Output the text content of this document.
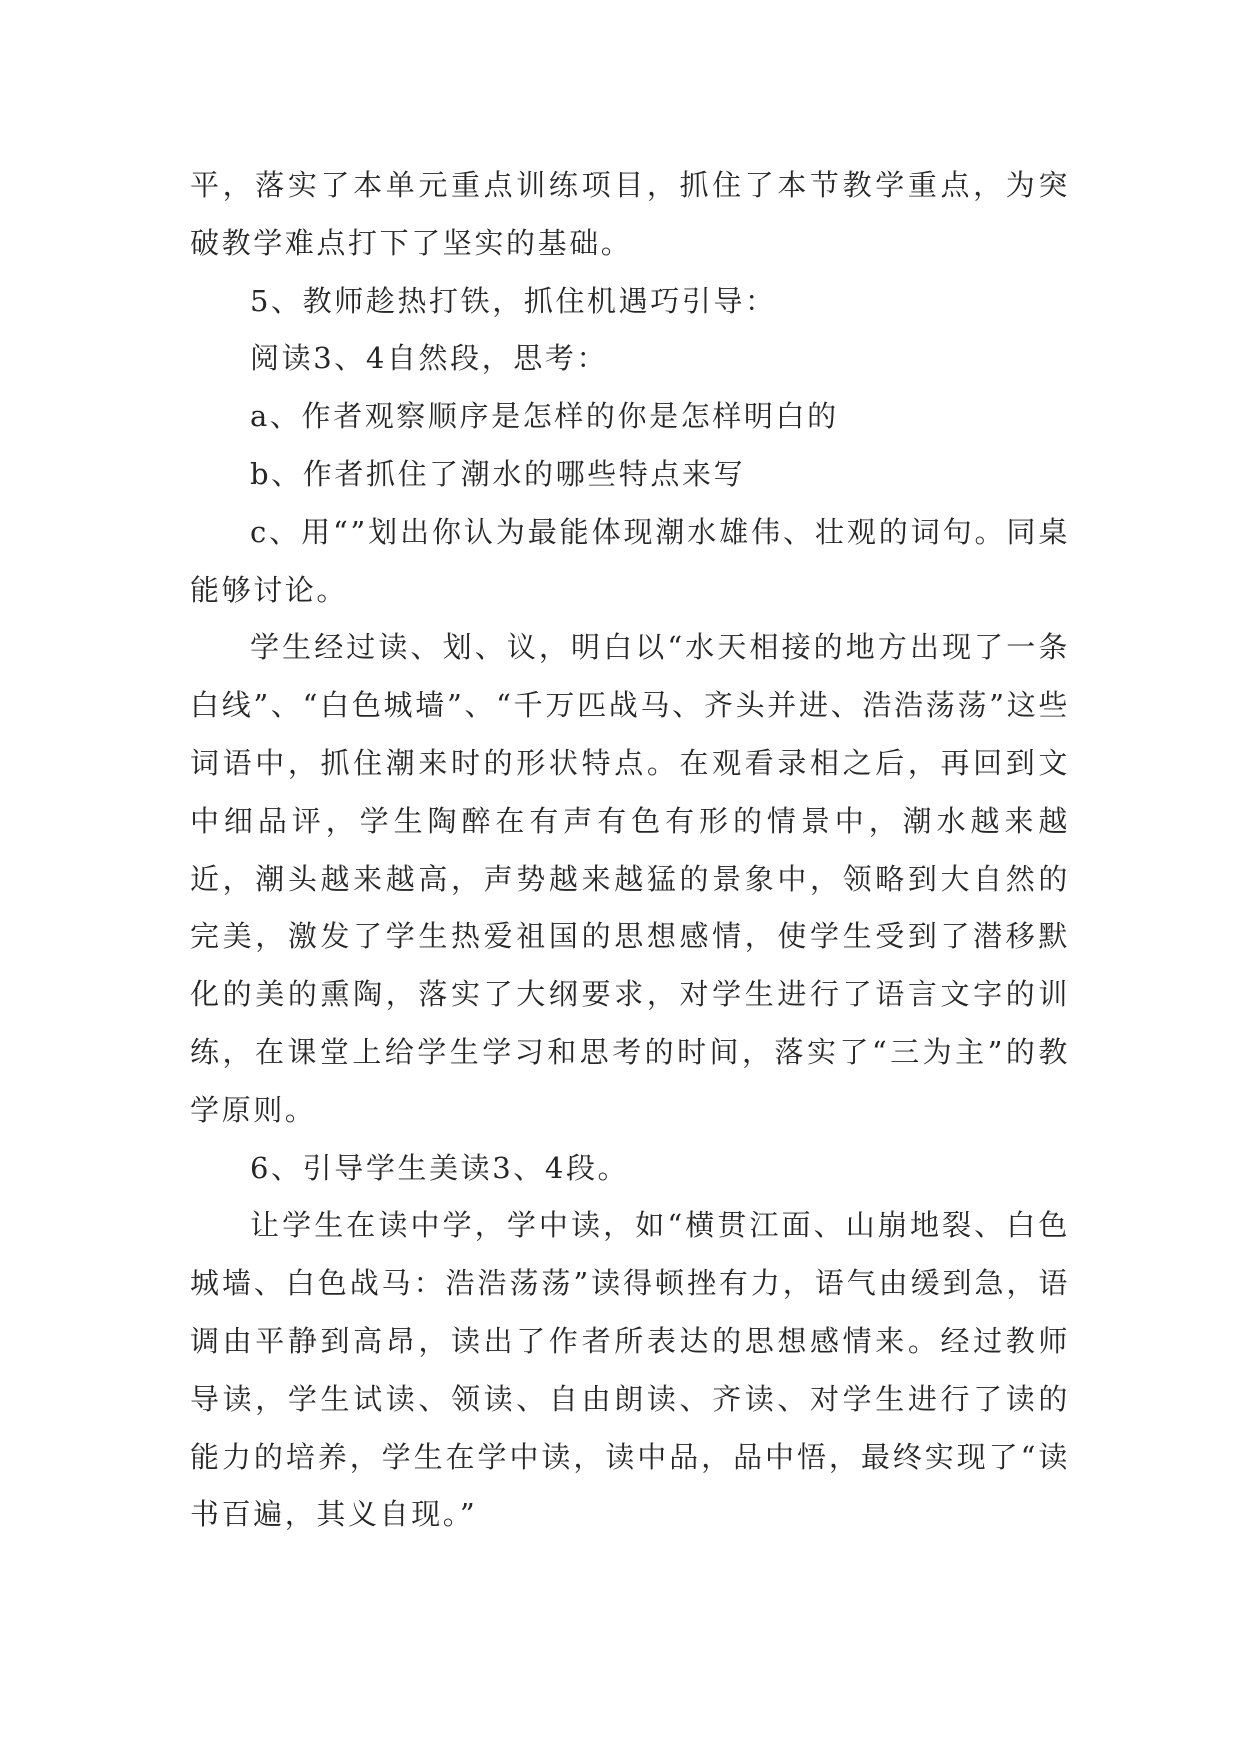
平，落实了本单元重点训练项目，抓住了本节教学重点，为突破教学难点打下了坚实的基础。

5、教师趁热打铁，抓住机遇巧引导：

阅读3、4自然段，思考：

a、作者观察顺序是怎样的你是怎样明白的

b、作者抓住了潮水的哪些特点来写

c、用“”划出你认为最能体现潮水雄伟、壮观的词句。同桌能够讨论。

学生经过读、划、议，明白以“水天相接的地方出现了一条白线”、“白色城墙”、“千万匹战马、齐头并进、浩浩荡荡”这些词语中，抓住潮来时的形状特点。在观看录相之后，再回到文中细品评，学生陶醉在有声有色有形的情景中，潮水越来越近，潮头越来越高，声势越来越猛的景象中，领略到大自然的完美，激发了学生热爱祖国的思想感情，使学生受到了潜移默化的美的熏陶，落实了大纲要求，对学生进行了语言文字的训练，在课堂上给学生学习和思考的时间，落实了“三为主”的教学原则。

6、引导学生美读3、4段。

让学生在读中学，学中读，如“横贯江面、山崩地裂、白色城墙、白色战马：浩浩荡荡”读得顿挫有力，语气由缓到急，语调由平静到高昂，读出了作者所表达的思想感情来。经过教师导读，学生试读、领读、自由朗读、齐读、对学生进行了读的能力的培养，学生在学中读，读中品，品中悟，最终实现了“读书百遍，其义自现。”
